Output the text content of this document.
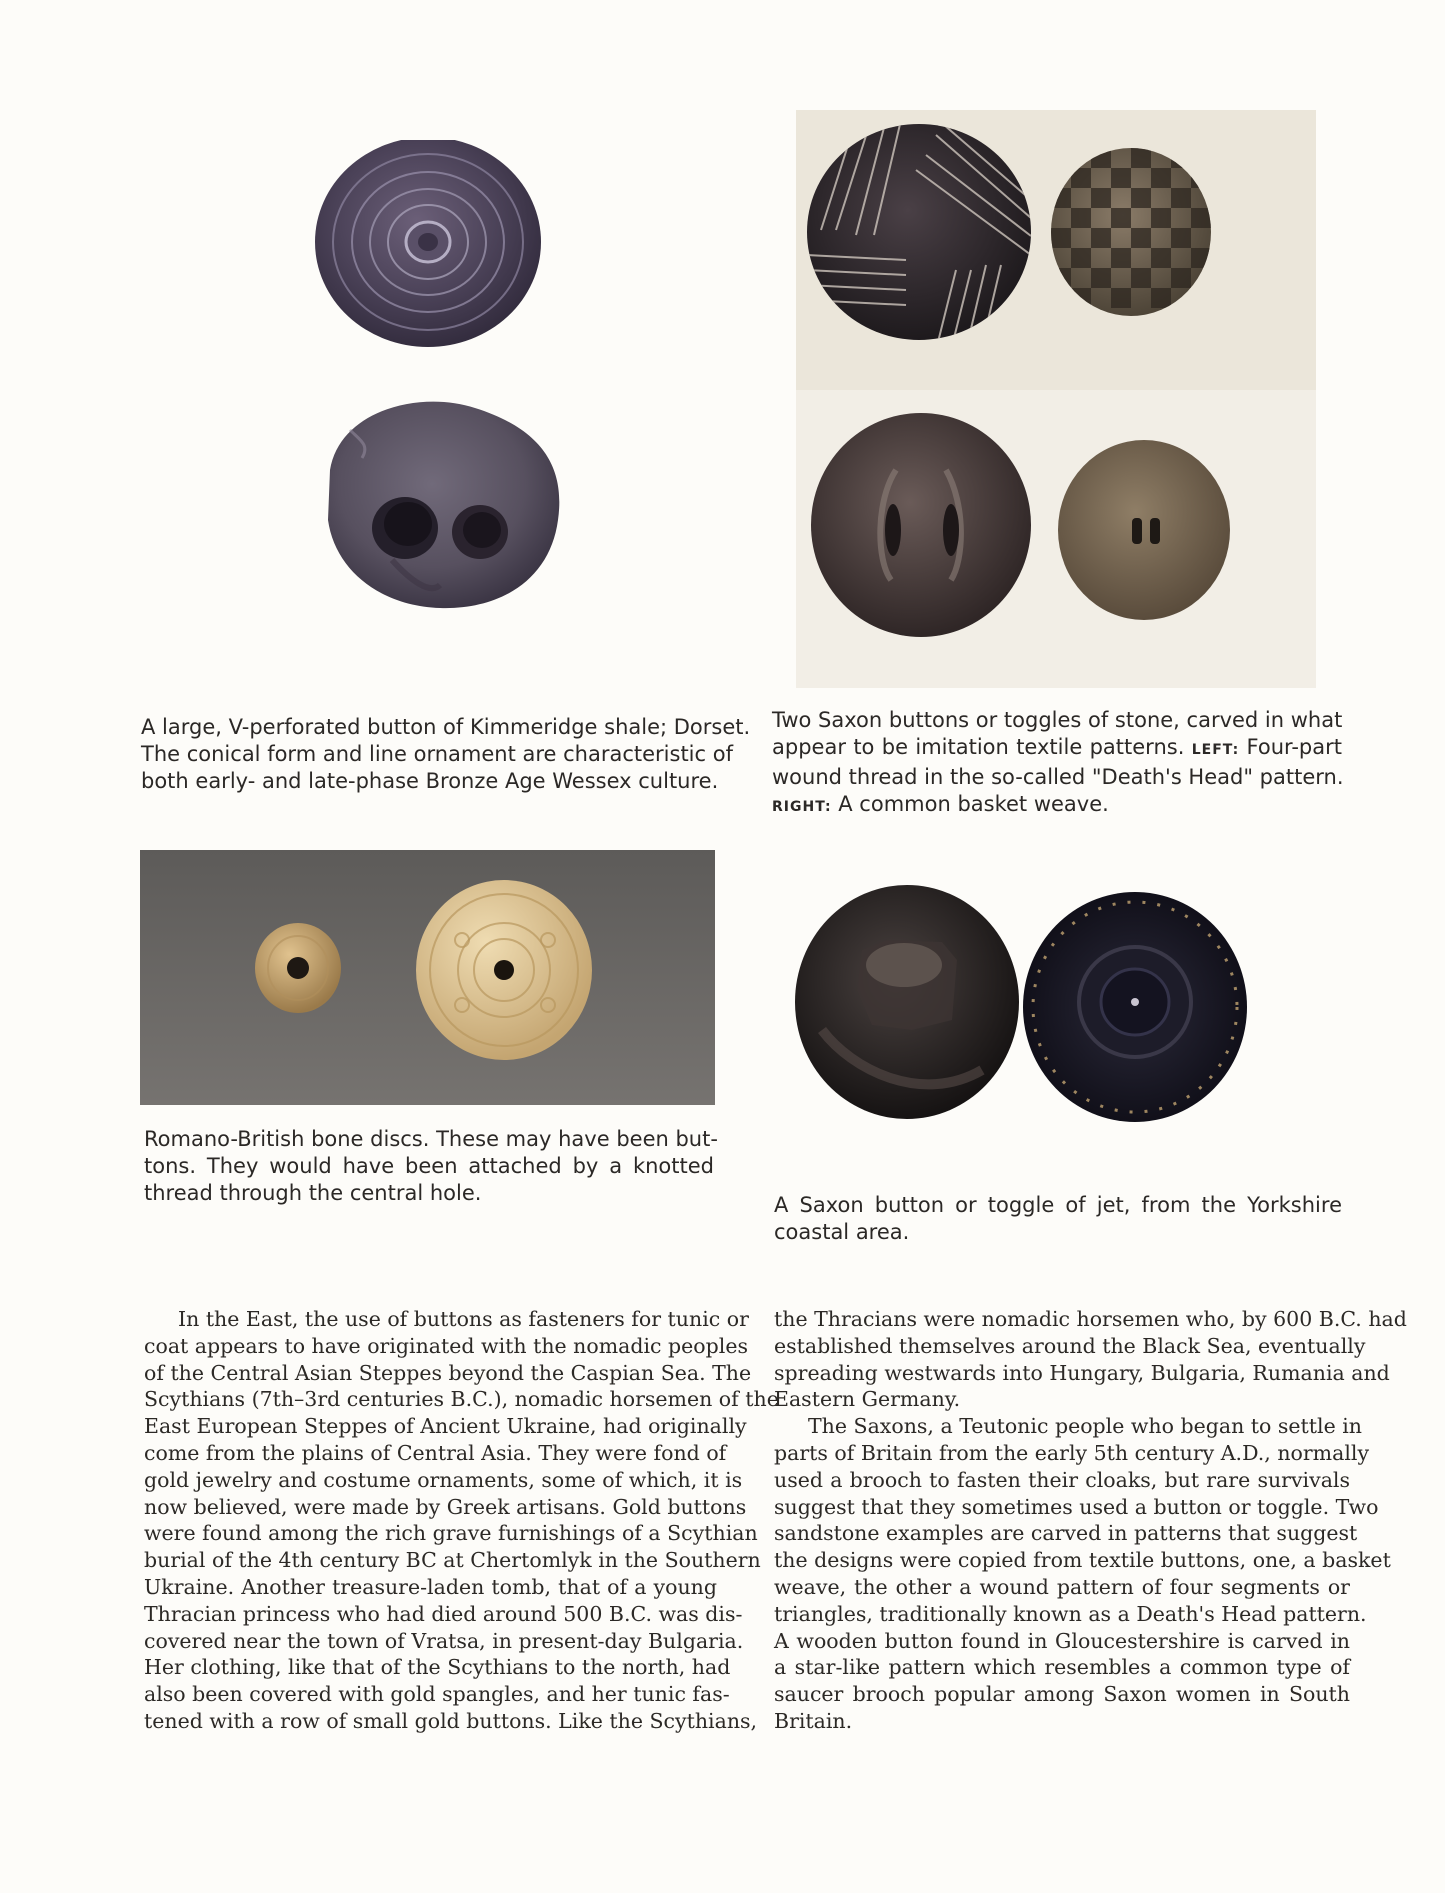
Two Saxon buttons or toggles of stone, carved in what
appear to be imitation textile patterns. LEFT: Four-part
wound thread in the so-called "Death's Head" pattern.
RIGHT: A common basket weave.
A large, V-perforated button of Kimmeridge shale; Dorset.
The conical form and line ornament are characteristic of
both early- and late-phase Bronze Age Wessex culture.
Romano-British bone discs. These may have been but-
tons. They would have been attached by a knotted
thread through the central hole.	A Saxon button or toggle of jet, from the Yorkshire
coastal area.
In the East, the use of buttons as fasteners for tunic or
coat appears to have originated with the nomadic peoples
of the Central Asian Steppes beyond the Caspian Sea. The
Scythians (7th–3rd centuries B.C.), nomadic horsemen of the
East European Steppes of Ancient Ukraine, had originally
come from the plains of Central Asia. They were fond of
gold jewelry and costume ornaments, some of which, it is
now believed, were made by Greek artisans. Gold buttons
were found among the rich grave furnishings of a Scythian
burial of the 4th century BC at Chertomlyk in the Southern
Ukraine. Another treasure-laden tomb, that of a young
Thracian princess who had died around 500 B.C. was dis-
covered near the town of Vratsa, in present-day Bulgaria.
Her clothing, like that of the Scythians to the north, had
also been covered with gold spangles, and her tunic fas-
tened with a row of small gold buttons. Like the Scythians,
the Thracians were nomadic horsemen who, by 600 B.C. had
established themselves around the Black Sea, eventually
spreading westwards into Hungary, Bulgaria, Rumania and
Eastern Germany.
The Saxons, a Teutonic people who began to settle in
parts of Britain from the early 5th century A.D., normally
used a brooch to fasten their cloaks, but rare survivals
suggest that they sometimes used a button or toggle. Two
sandstone examples are carved in patterns that suggest
the designs were copied from textile buttons, one, a basket
weave, the other a wound pattern of four segments or
triangles, traditionally known as a Death's Head pattern.
A wooden button found in Gloucestershire is carved in
a star-like pattern which resembles a common type of
saucer brooch popular among Saxon women in South
Britain.
